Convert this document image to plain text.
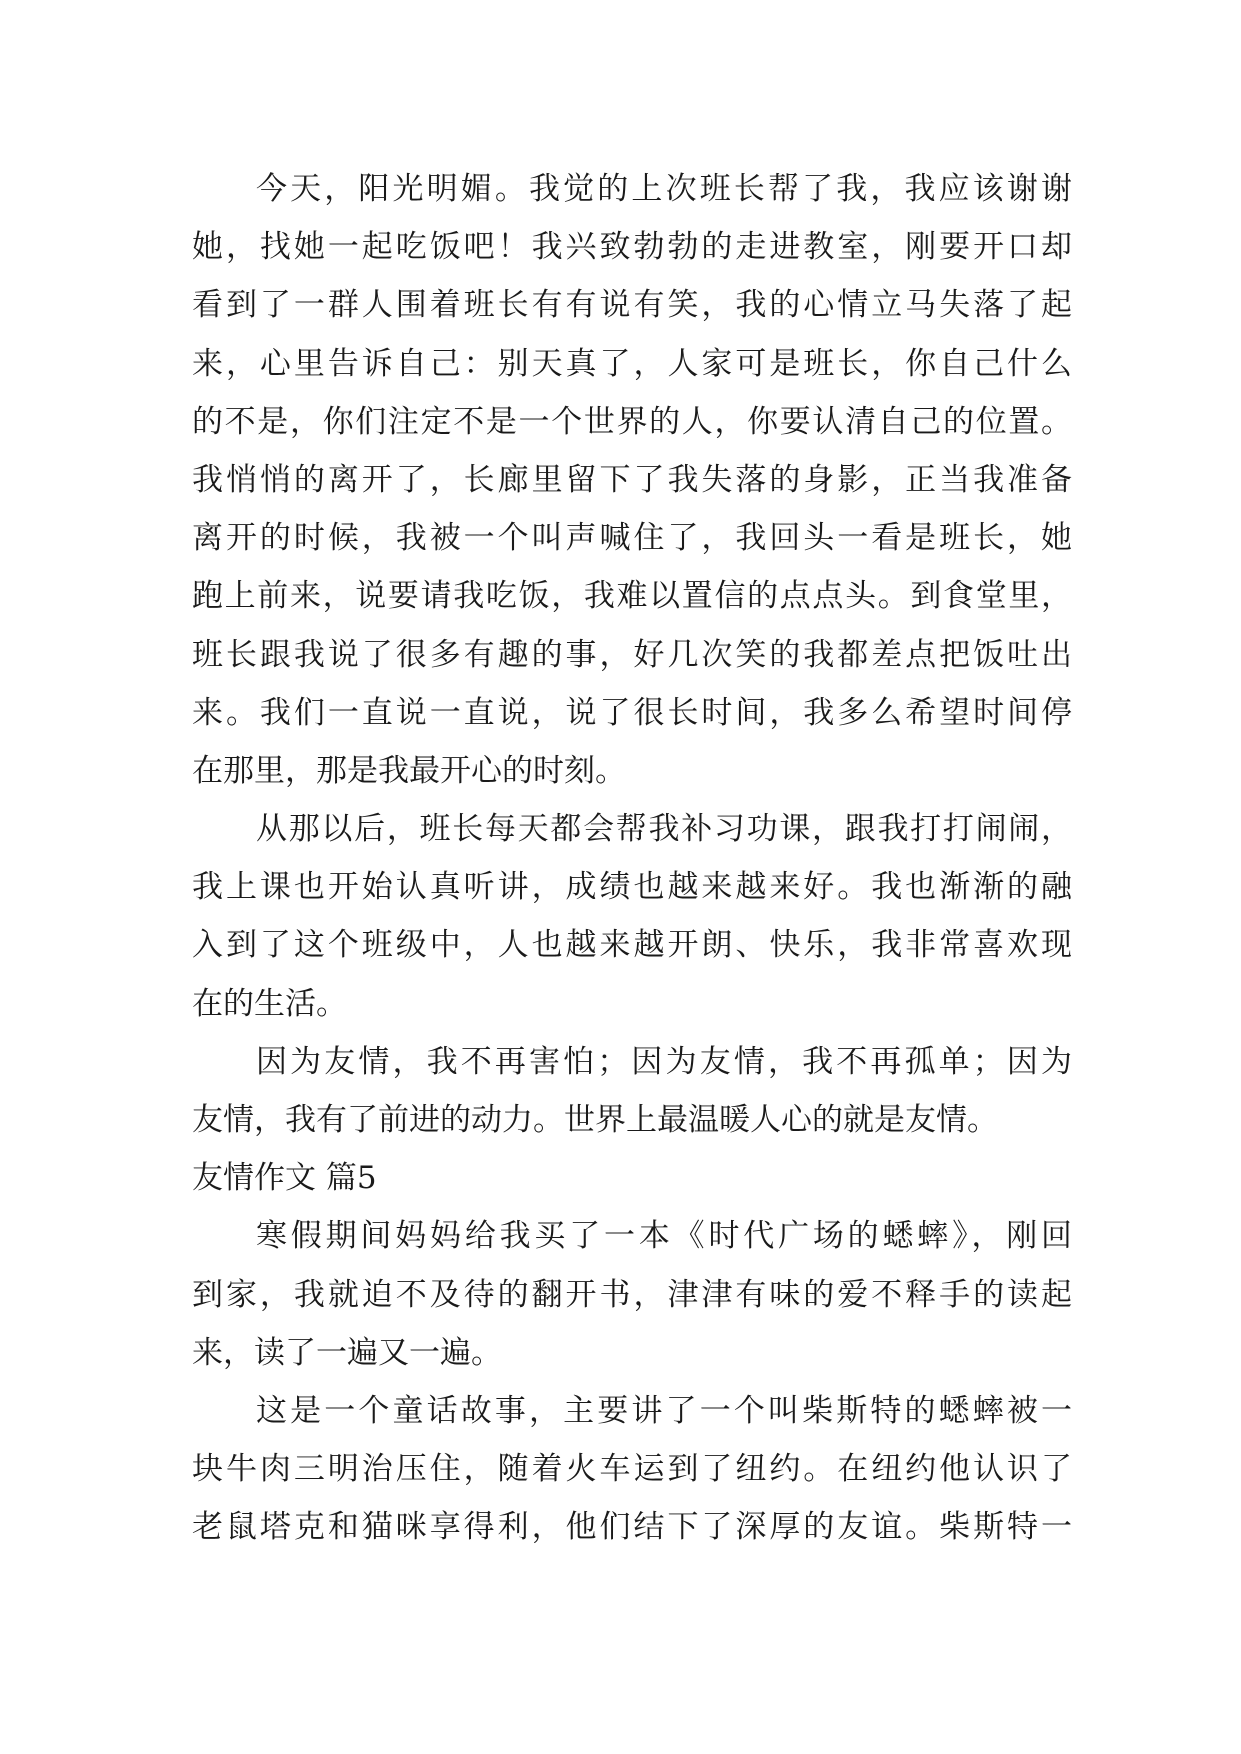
今天，阳光明媚。我觉的上次班长帮了我，我应该谢谢
她，找她一起吃饭吧！我兴致勃勃的走进教室，刚要开口却
看到了一群人围着班长有有说有笑，我的心情立马失落了起
来，心里告诉自己：别天真了，人家可是班长，你自己什么
的不是，你们注定不是一个世界的人，你要认清自己的位置。
我悄悄的离开了，长廊里留下了我失落的身影，正当我准备
离开的时候，我被一个叫声喊住了，我回头一看是班长，她
跑上前来，说要请我吃饭，我难以置信的点点头。到食堂里，
班长跟我说了很多有趣的事，好几次笑的我都差点把饭吐出
来。我们一直说一直说，说了很长时间，我多么希望时间停
在那里，那是我最开心的时刻。
从那以后，班长每天都会帮我补习功课，跟我打打闹闹，
我上课也开始认真听讲，成绩也越来越来好。我也渐渐的融
入到了这个班级中，人也越来越开朗、快乐，我非常喜欢现
在的生活。
因为友情，我不再害怕；因为友情，我不再孤单；因为
友情，我有了前进的动力。世界上最温暖人心的就是友情。
友情作文 篇5
寒假期间妈妈给我买了一本《时代广场的蟋蟀》，刚回
到家，我就迫不及待的翻开书，津津有味的爱不释手的读起
来，读了一遍又一遍。
这是一个童话故事，主要讲了一个叫柴斯特的蟋蟀被一
块牛肉三明治压住，随着火车运到了纽约。在纽约他认识了
老鼠塔克和猫咪享得利，他们结下了深厚的友谊。柴斯特一
